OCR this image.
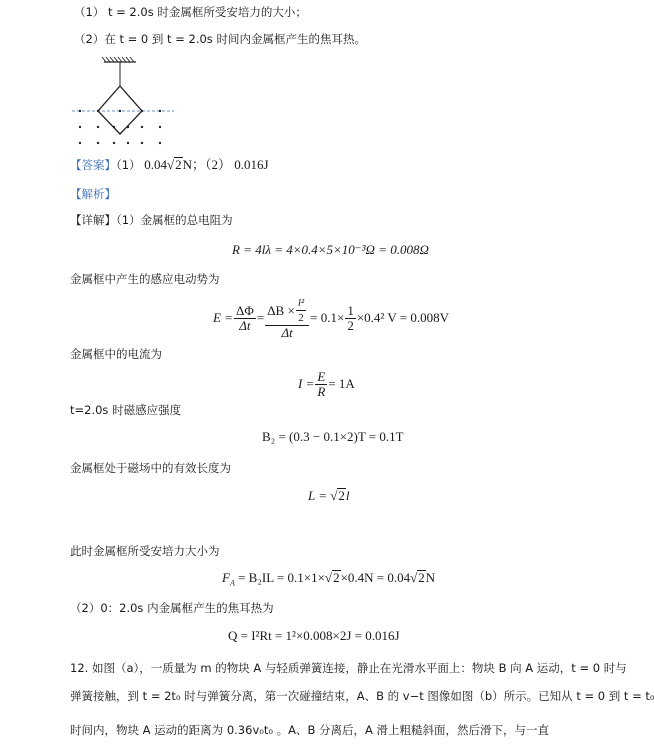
（1） t = 2.0s 时金属框所受安培力的大小；
（2）在 t = 0 到 t = 2.0s 时间内金属框产生的焦耳热。
【答案】（1） 0.04√2N；（2） 0.016J
【解析】
【详解】（1）金属框的总电阻为
R = 4lλ = 4×0.4×5×10⁻³Ω = 0.008Ω
金属框中产生的感应电动势为
$E = \frac{\Delta\Phi}{\Delta t} = \frac{\Delta B \times \frac{\text{l²}}{2}}{\Delta t} = 0.1\times \frac{1}{2} \times 0.4^2$ V = 0.008V
金属框中的电流为
$I = \frac{E}{R} = 1A$
t=2.0s 时磁感应强度
B₂ = (0.3 − 0.1×2)T = 0.1T
金属框处于磁场中的有效长度为
L = √2l
此时金属框所受安培力大小为
$F_A = B_2IL = 0.1\times 1\times√2\times 0.4N = 0.04√2N$
（2）0：2.0s 内金属框产生的焦耳热为
Q = I²Rt = 1²×0.008×2J = 0.016J
12. 如图（a），一质量为 m 的物块 A 与轻质弹簧连接，静止在光滑水平面上：物块 B 向 A 运动，t = 0 时与
弹簧接触，到 t = 2t₀ 时与弹簧分离，第一次碰撞结束，A、B 的 v−t 图像如图（b）所示。已知从 t = 0 到 t = t₀
时间内，物块 A 运动的距离为 0.36v₀t₀ 。A、B 分离后，A 滑上粗糙斜面，然后滑下，与一直
